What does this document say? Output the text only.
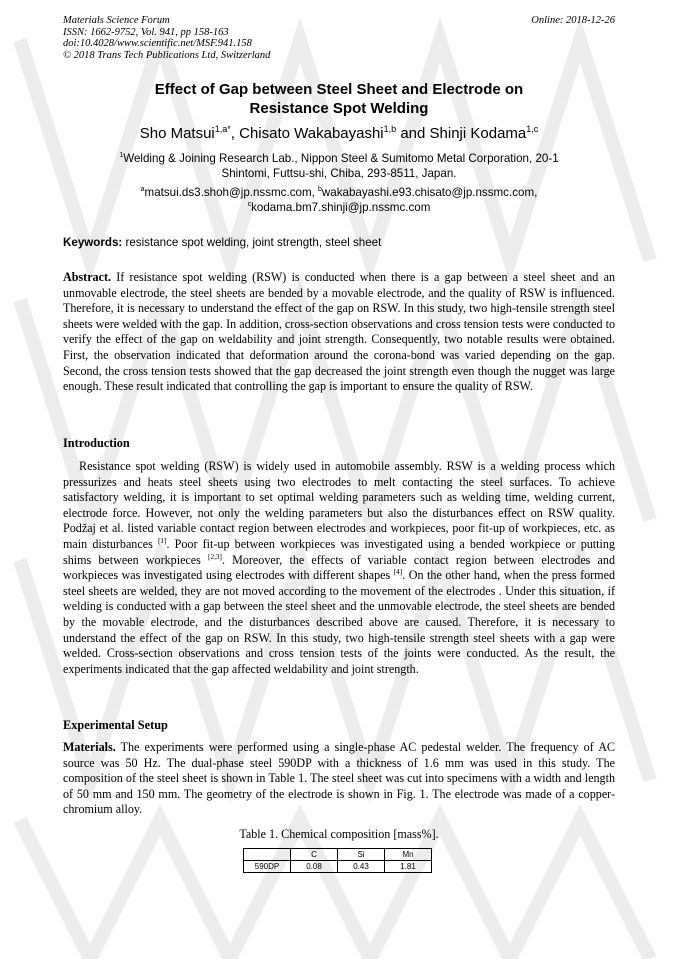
Materials Science Forum
ISSN: 1662-9752, Vol. 941, pp 158-163
doi:10.4028/www.scientific.net/MSF.941.158
© 2018 Trans Tech Publications Ltd, Switzerland
Online: 2018-12-26
Effect of Gap between Steel Sheet and Electrode on
Resistance Spot Welding
Sho Matsui$^{1,a*}$, Chisato Wakabayashi$^{1,b}$ and Shinji Kodama$^{1,c}$
$^1$Welding & Joining Research Lab., Nippon Steel & Sumitomo Metal Corporation, 20-1
Shintomi, Futtsu-shi, Chiba, 293-8511, Japan.
$^a$matsui.ds3.shoh@jp.nssmc.com, $^b$wakabayashi.e93.chisato@jp.nssmc.com,
$^c$kodama.bm7.shinji@jp.nssmc.com
Keywords: resistance spot welding, joint strength, steel sheet
Abstract. If resistance spot welding (RSW) is conducted when there is a gap between a steel sheet and an unmovable electrode, the steel sheets are bended by a movable electrode, and the quality of RSW is influenced. Therefore, it is necessary to understand the effect of the gap on RSW. In this study, two high-tensile strength steel sheets were welded with the gap. In addition, cross-section observations and cross tension tests were conducted to verify the effect of the gap on weldability and joint strength. Consequently, two notable results were obtained. First, the observation indicated that deformation around the corona-bond was varied depending on the gap. Second, the cross tension tests showed that the gap decreased the joint strength even though the nugget was large enough. These result indicated that controlling the gap is important to ensure the quality of RSW.
Introduction
Resistance spot welding (RSW) is widely used in automobile assembly. RSW is a welding process which pressurizes and heats steel sheets using two electrodes to melt contacting the steel surfaces. To achieve satisfactory welding, it is important to set optimal welding parameters such as welding time, welding current, electrode force. However, not only the welding parameters but also the disturbances effect on RSW quality. Podžaj et al. listed variable contact region between electrodes and workpieces, poor fit-up of workpieces, etc. as main disturbances [1]. Poor fit-up between workpieces was investigated using a bended workpiece or putting shims between workpieces [2,3]. Moreover, the effects of variable contact region between electrodes and workpieces was investigated using electrodes with different shapes [4]. On the other hand, when the press formed steel sheets are welded, they are not moved according to the movement of the electrodes . Under this situation, if welding is conducted with a gap between the steel sheet and the unmovable electrode, the steel sheets are bended by the movable electrode, and the disturbances described above are caused. Therefore, it is necessary to understand the effect of the gap on RSW. In this study, two high-tensile strength steel sheets with a gap were welded. Cross-section observations and cross tension tests of the joints were conducted. As the result, the experiments indicated that the gap affected weldability and joint strength.
Experimental Setup
Materials. The experiments were performed using a single-phase AC pedestal welder. The frequency of AC source was 50 Hz. The dual-phase steel 590DP with a thickness of 1.6 mm was used in this study. The composition of the steel sheet is shown in Table 1. The steel sheet was cut into specimens with a width and length of 50 mm and 150 mm. The geometry of the electrode is shown in Fig. 1. The electrode was made of a copper-chromium alloy.
Table 1. Chemical composition [mass%].
	C	Si	Mn
590DP	0.08	0.43	1.81
